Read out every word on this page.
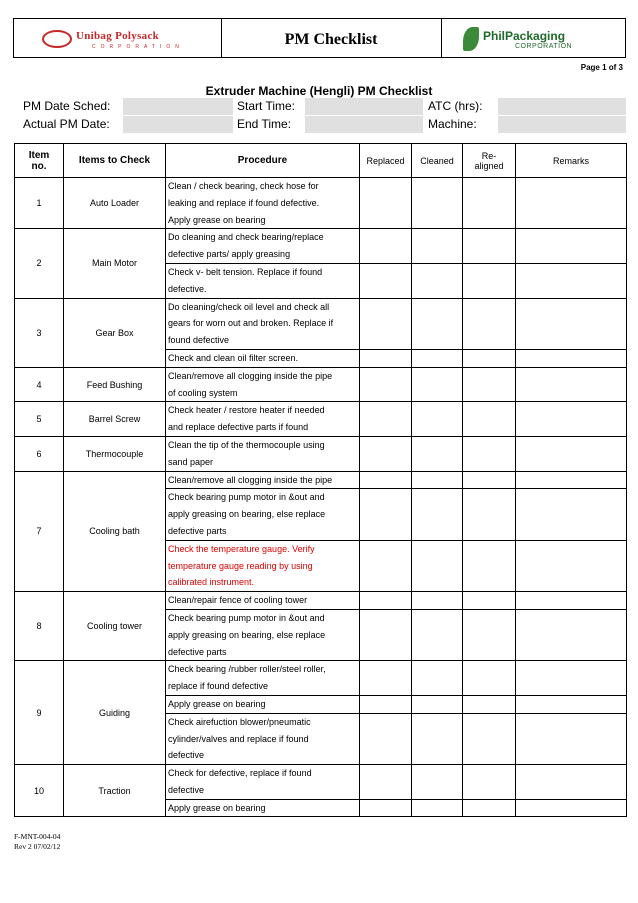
Unibag Polysack
CORPORATION	PM Checklist	PhilPackaging
CORPORATION
Page 1 of 3
Extruder Machine (Hengli) PM Checklist
PM Date Sched:	Start Time:	ATC (hrs):
Actual PM Date:	End Time:	Machine:
Item
no.	Items to Check	Procedure	Replaced	Cleaned	Re-
aligned	Remarks
1	Auto Loader	Clean / check bearing, check hose for
leaking and replace if found defective.
Apply grease on bearing				

2	Main Motor	Do cleaning and check bearing/replace
defective parts/ apply greasing				

		Check v- belt tension. Replace if found
defective.				

3	Gear Box	Do cleaning/check oil level and check all
gears for worn out and broken. Replace if
found defective				

		Check and clean oil filter screen.				

4	Feed Bushing	Clean/remove all clogging inside the pipe
of cooling system				

5	Barrel Screw	Check heater / restore heater if needed
and replace defective parts if found				

6	Thermocouple	Clean the tip of the thermocouple using
sand paper				

7	Cooling bath	Clean/remove all clogging inside the pipe				

		Check bearing pump motor in &out and
apply greasing on bearing, else replace
defective parts				

		Check the temperature gauge. Verify
temperature gauge reading by using
calibrated instrument.				

8	Cooling tower	Clean/repair fence of cooling tower				

		Check bearing pump motor in &out and
apply greasing on bearing, else replace
defective parts				

9	Guiding	Check bearing /rubber roller/steel roller,
replace if found defective				

		Apply grease on bearing				

		Check airefuction blower/pneumatic
cylinder/valves and replace if found
defective				

10	Traction	Check for defective, replace if found
defective				

		Apply grease on bearing				

F-MNT-004-04
Rev 2 07/02/12
